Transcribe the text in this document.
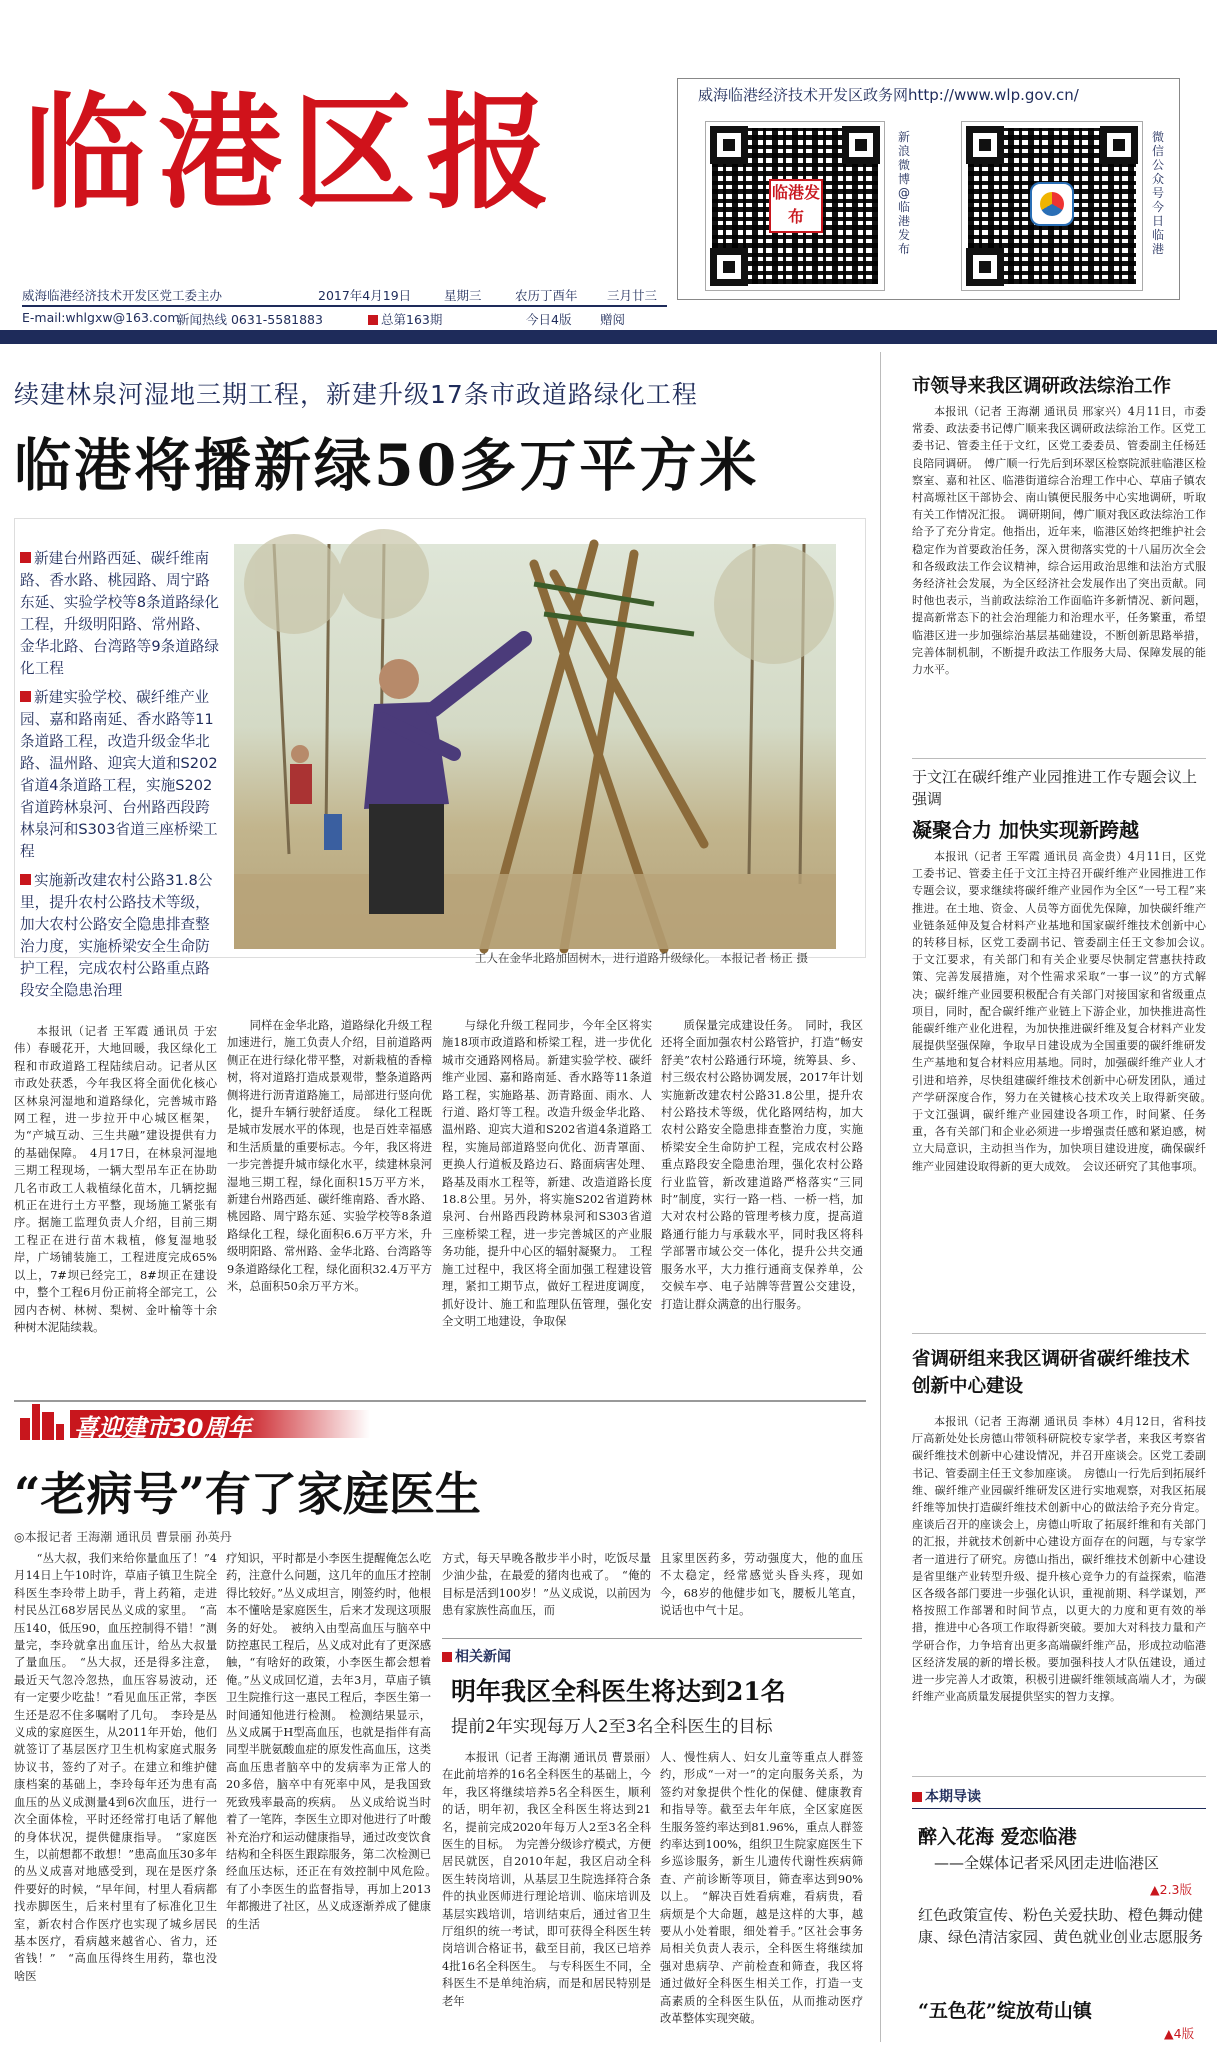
临港区报
威海临港经济技术开发区党工委主办	2017年4月19日	星期三	农历丁酉年 三月廿三
E-mail:whlgxw@163.com
新闻热线 0631-5581883	总第163期	今日4版 赠阅
威海临港经济技术开发区政务网http://www.wlp.gov.cn/
临港发布
新浪微博@临港发布
微信公众号今日临港
续建林泉河湿地三期工程，新建升级17条市政道路绿化工程
临港将播新绿50多万平方米
新建台州路西延、碳纤维南路、香水路、桃园路、周宁路东延、实验学校等8条道路绿化工程，升级明阳路、常州路、金华北路、台湾路等9条道路绿化工程
新建实验学校、碳纤维产业园、嘉和路南延、香水路等11条道路工程，改造升级金华北路、温州路、迎宾大道和S202省道4条道路工程，实施S202省道跨林泉河、台州路西段跨林泉河和S303省道三座桥梁工程
实施新改建农村公路31.8公里，提升农村公路技术等级，加大农村公路安全隐患排查整治力度，实施桥梁安全生命防护工程，完成农村公路重点路段安全隐患治理
工人在金华北路加固树木，进行道路升级绿化。 本报记者 杨正 摄
本报讯（记者 王军霞 通讯员 于宏伟）春暖花开，大地回暖，我区绿化工程和市政道路工程陆续启动。记者从区市政处获悉，今年我区将全面优化核心区林泉河湿地和道路绿化，完善城市路网工程，进一步拉开中心城区框架，为“产城互动、三生共融”建设提供有力的基础保障。　4月17日，在林泉河湿地三期工程现场，一辆大型吊车正在协助几名市政工人栽植绿化苗木，几辆挖掘机正在进行土方平整，现场施工紧张有序。据施工监理负责人介绍，目前三期工程正在进行苗木栽植，修复湿地驳岸，广场铺装施工，工程进度完成65%以上，7#坝已经完工，8#坝正在建设中，整个工程6月份正前将全部完工，公园内杏树、林树、梨树、金叶榆等十余种树木泥陆续栽。
同样在金华北路，道路绿化升级工程加速进行，施工负责人介绍，目前道路两侧正在进行绿化带平整，对新栽植的香樟树，将对道路打造成景观带，整条道路两侧将进行沥青道路施工，局部进行竖向优化，提升车辆行驶舒适度。　绿化工程既是城市发展水平的体现，也是百姓幸福感和生活质量的重要标志。今年，我区将进一步完善提升城市绿化水平，续建林泉河湿地三期工程，绿化面积15万平方米，新建台州路西延、碳纤维南路、香水路、桃园路、周宁路东延、实验学校等8条道路绿化工程，绿化面积6.6万平方米，升级明阳路、常州路、金华北路、台湾路等9条道路绿化工程，绿化面积32.4万平方米，总面积50余万平方米。
与绿化升级工程同步，今年全区将实施18项市政道路和桥梁工程，进一步优化城市交通路网格局。新建实验学校、碳纤维产业园、嘉和路南延、香水路等11条道路工程，实施路基、沥青路面、雨水、人行道、路灯等工程。改造升级金华北路、温州路、迎宾大道和S202省道4条道路工程，实施局部道路竖向优化、沥青罩面、更换人行道板及路边石、路面病害处理、路基及雨水工程等，新建、改造道路长度18.8公里。另外，将实施S202省道跨林泉河、台州路西段跨林泉河和S303省道三座桥梁工程，进一步完善城区的产业服务功能，提升中心区的辐射凝聚力。　工程施工过程中，我区将全面加强工程建设管理，紧扣工期节点，做好工程进度调度，抓好设计、施工和监理队伍管理，强化安全文明工地建设，争取保
质保量完成建设任务。　同时，我区还将全面加强农村公路管护，打造“畅安舒美”农村公路通行环境，统筹县、乡、村三级农村公路协调发展，2017年计划实施新改建农村公路31.8公里，提升农村公路技术等级，优化路网结构，加大农村公路安全隐患排查整治力度，实施桥梁安全生命防护工程，完成农村公路重点路段安全隐患治理，强化农村公路行业监管，新改建道路严格落实“三同时”制度，实行一路一档、一桥一档，加大对农村公路的管理考核力度，提高道路通行能力与承载水平，同时我区将科学部署市域公交一体化，提升公共交通服务水平，大力推行通商支保养单，公交候车亭、电子站牌等营置公交建设，打造让群众满意的出行服务。
喜迎建市30周年
“老病号”有了家庭医生
◎本报记者 王海潮 通讯员 曹景丽 孙英丹
“丛大叔，我们来给你量血压了！”4月14日上午10时许，草庙子镇卫生院全科医生李玲带上助手，背上药箱，走进村民丛江68岁居民丛义成的家里。　“高压140，低压90，血压控制得不错！”测量完，李玲就拿出血压计，给丛大叔量了量血压。　“丛大叔，还是得多注意，最近天气忽冷忽热，血压容易波动，还有一定要少吃盐！”看见血压正常，李医生还是忍不住多嘱咐了几句。　李玲是丛义成的家庭医生，从2011年开始，他们就签订了基层医疗卫生机构家庭式服务协议书，签约了对子。在建立和维护健康档案的基础上，李玲每年还为患有高血压的丛义成测量4到6次血压，进行一次全面体检，平时还经常打电话了解他的身体状况，提供健康指导。　“家庭医生，以前想都不敢想！”患高血压30多年的丛义成喜对地感受到，现在是医疗条件要好的时候，“早年间，村里人看病都找赤脚医生，后来村里有了标准化卫生室，新农村合作医疗也实现了城乡居民基本医疗，看病越来越省心、省力，还省钱！”　“高血压得终生用药，靠也没啥医
疗知识，平时都是小李医生提醒俺怎么吃药，注意什么问题，这几年的血压才控制得比较好。”丛义成坦言，刚签约时，他根本不懂啥是家庭医生，后来才发现这项服务的好处。　被纳入由型高血压与脑卒中防控惠民工程后，丛义成对此有了更深感触，“有啥好的政策，小李医生都会想着俺。”丛义成回忆道，去年3月，草庙子镇卫生院推行这一惠民工程后，李医生第一时间通知他进行检测。　检测结果显示，丛义成属于H型高血压，也就是指伴有高同型半胱氨酸血症的原发性高血压，这类高血压患者脑卒中的发病率为正常人的20多倍，脑卒中有死率中风，是我国致死致残率最高的疾病。　丛义成给说当时着了一笔阵，李医生立即对他进行了叶酸补充治疗和运动健康指导，通过改变饮食结构和全科医生跟踪服务，第二次检测已经血压达标，还正在有效控制中风危险。　有了小李医生的监督指导，再加上2013年都搬进了社区，丛义成逐渐养成了健康的生活
方式，每天早晚各散步半小时，吃饭尽量少油少盐，在最爱的猪肉也戒了。　“俺的目标是活到100岁！”丛义成说，以前因为患有家族性高血压，而
且家里医药多，劳动强度大，他的血压不太稳定，经常感觉头昏头疼，现如今，68岁的他健步如飞，腰板儿笔直，说话也中气十足。
相关新闻
明年我区全科医生将达到21名
提前2年实现每万人2至3名全科医生的目标
本报讯（记者 王海潮 通讯员 曹景丽）在此前培养的16名全科医生的基础上，今年，我区将继续培养5名全科医生，顺利的话，明年初，我区全科医生将达到21名，提前完成2020年每万人2至3名全科医生的目标。　为完善分级诊疗模式，方便居民就医，自2010年起，我区启动全科医生转岗培训，从基层卫生院选择符合条件的执业医师进行理论培训、临床培训及基层实践培训，培训结束后，通过省卫生厅组织的统一考试，即可获得全科医生转岗培训合格证书，截至目前，我区已培养4批16名全科医生。　与专科医生不同，全科医生不是单纯治病，而是和居民特别是老年
人、慢性病人、妇女儿童等重点人群签约，形成“一对一”的定向服务关系，为签约对象提供个性化的保健、健康教育和指导等。截至去年年底，全区家庭医生服务签约率达到81.96%，重点人群签约率达到100%，组织卫生院家庭医生下乡巡诊服务，新生儿遗传代谢性疾病筛查、产前诊断等项目，筛查率达到90%以上。　“解决百姓看病难，看病贵，看病烦是个大命题，越是这样的大事，越要从小处着眼，细处着手。”区社会事务局相关负责人表示，全科医生将继续加强对患病孕、产前检查和筛查，我区将通过做好全科医生相关工作，打造一支高素质的全科医生队伍，从而推动医疗改革整体实现突破。
市领导来我区调研政法综治工作
本报讯（记者 王海潮 通讯员 邢家兴）4月11日，市委常委、政法委书记傅广顺来我区调研政法综治工作。区党工委书记、管委主任于文红，区党工委委员、管委副主任杨廷良陪同调研。　傅广顺一行先后到环翠区检察院派驻临港区检察室、嘉和社区、临港街道综合治理工作中心、草庙子镇农村高塬社区干部协会、南山镇便民服务中心实地调研，听取有关工作情况汇报。　调研期间，傅广顺对我区政法综治工作给予了充分肯定。他指出，近年来，临港区始终把维护社会稳定作为首要政治任务，深入贯彻落实党的十八届历次全会和各级政法工作会议精神，综合运用政治思维和法治方式服务经济社会发展，为全区经济社会发展作出了突出贡献。同时他也表示，当前政法综治工作面临许多新情况、新问题，提高新常态下的社会治理能力和治理水平，任务繁重，希望临港区进一步加强综治基层基础建设，不断创新思路举措，完善体制机制，不断提升政法工作服务大局、保障发展的能力水平。
于文江在碳纤维产业园推进工作专题会议上强调
凝聚合力 加快实现新跨越
本报讯（记者 王军霞 通讯员 高金贵）4月11日，区党工委书记、管委主任于文江主持召开碳纤维产业园推进工作专题会议，要求继续将碳纤维产业园作为全区“一号工程”来推进。在土地、资金、人员等方面优先保障，加快碳纤维产业链条延伸及复合材料产业基地和国家碳纤维技术创新中心的转移目标，区党工委副书记、管委副主任王文参加会议。　于文江要求，有关部门和有关企业要尽快制定营惠扶持政策、完善发展措施，对个性需求采取“一事一议”的方式解决；碳纤维产业园要积极配合有关部门对接国家和省级重点项目，同时，配合碳纤维产业链上下游企业，加快推进高性能碳纤维产业化进程，为加快推进碳纤维及复合材料产业发展提供坚强保障，争取早日建设成为全国重要的碳纤维研发生产基地和复合材料应用基地。同时，加强碳纤维产业人才引进和培养，尽快组建碳纤维技术创新中心研发团队，通过产学研深度合作，努力在关键核心技术攻关上取得新突破。　于文江强调，碳纤维产业园建设各项工作，时间紧、任务重，各有关部门和企业必须进一步增强责任感和紧迫感，树立大局意识，主动担当作为，加快项目建设进度，确保碳纤维产业园建设取得新的更大成效。　会议还研究了其他事项。
省调研组来我区调研省碳纤维技术创新中心建设
本报讯（记者 王海潮 通讯员 李林）4月12日，省科技厅高新处处长房德山带领科研院校专家学者，来我区考察省碳纤维技术创新中心建设情况，并召开座谈会。区党工委副书记、管委副主任王文参加座谈。　房德山一行先后到拓展纤维、碳纤维产业园碳纤维研发区进行实地观察，对我区拓展纤维等加快打造碳纤维技术创新中心的做法给予充分肯定。座谈后召开的座谈会上，房德山听取了拓展纤维和有关部门的汇报，并就技术创新中心建设方面存在的问题，与专家学者一道进行了研究。房德山指出，碳纤维技术创新中心建设是省里继产业转型升级、提升核心竞争力的有益探索，临港区各级各部门要进一步强化认识，重视前期、科学谋划，严格按照工作部署和时间节点，以更大的力度和更有效的举措，推进中心各项工作取得新突破。要加大对科技力量和产学研合作，力争培育出更多高端碳纤维产品，形成拉动临港区经济发展的新的增长极。要加强科技人才队伍建设，通过进一步完善人才政策，积极引进碳纤维领域高端人才，为碳纤维产业高质量发展提供坚实的智力支撑。
本期导读
醉入花海 爱恋临港
——全媒体记者采风团走进临港区
▲2.3版
红色政策宣传、粉色关爱扶助、橙色舞动健康、绿色清洁家园、黄色就业创业志愿服务
“五色花”绽放苟山镇
▲4版
